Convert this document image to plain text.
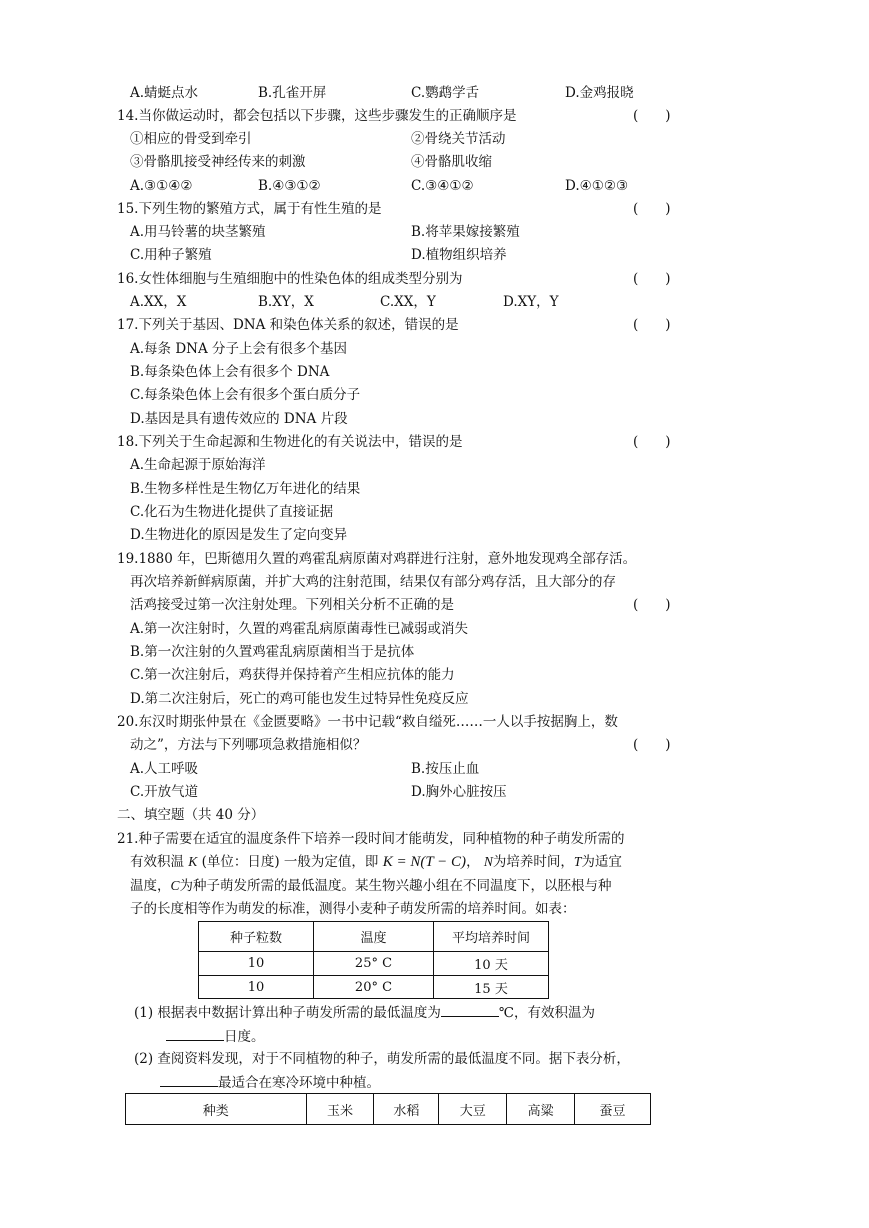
A.蜻蜓点水	B.孔雀开屏	C.鹦鹉学舌	D.金鸡报晓
14.当你做运动时，都会包括以下步骤，这些步骤发生的正确顺序是	(　　)
①相应的骨受到牵引	②骨绕关节活动
③骨骼肌接受神经传来的刺激	④骨骼肌收缩
A.③①④②	B.④③①②	C.③④①②	D.④①②③
15.下列生物的繁殖方式，属于有性生殖的是	(　　)
A.用马铃薯的块茎繁殖	B.将苹果嫁接繁殖
C.用种子繁殖	D.植物组织培养
16.女性体细胞与生殖细胞中的性染色体的组成类型分别为	(　　)
A.XX，X	B.XY，X	C.XX，Y	D.XY，Y
17.下列关于基因、DNA 和染色体关系的叙述，错误的是	(　　)
A.每条 DNA 分子上会有很多个基因
B.每条染色体上会有很多个 DNA
C.每条染色体上会有很多个蛋白质分子
D.基因是具有遗传效应的 DNA 片段
18.下列关于生命起源和生物进化的有关说法中，错误的是	(　　)
A.生命起源于原始海洋
B.生物多样性是生物亿万年进化的结果
C.化石为生物进化提供了直接证据
D.生物进化的原因是发生了定向变异
19.1880 年，巴斯德用久置的鸡霍乱病原菌对鸡群进行注射，意外地发现鸡全部存活。
再次培养新鲜病原菌，并扩大鸡的注射范围，结果仅有部分鸡存活，且大部分的存
活鸡接受过第一次注射处理。下列相关分析不正确的是	(　　)
A.第一次注射时，久置的鸡霍乱病原菌毒性已减弱或消失
B.第一次注射的久置鸡霍乱病原菌相当于是抗体
C.第一次注射后，鸡获得并保持着产生相应抗体的能力
D.第二次注射后，死亡的鸡可能也发生过特异性免疫反应
20.东汉时期张仲景在《金匮要略》一书中记载“救自缢死……一人以手按据胸上，数
动之”，方法与下列哪项急救措施相似？	(　　)
A.人工呼吸	B.按压止血
C.开放气道	D.胸外心脏按压
二、填空题（共 40 分）
21.种子需要在适宜的温度条件下培养一段时间才能萌发，同种植物的种子萌发所需的
有效积温 K (单位：日度) 一般为定值，即 K = N(T − C)， N为培养时间，T为适宜
温度，C为种子萌发所需的最低温度。某生物兴趣小组在不同温度下，以胚根与种
子的长度相等作为萌发的标准，测得小麦种子萌发所需的培养时间。如表：
种子粒数	温度	平均培养时间
10	25° C	10 天
10	20° C	15 天
(1) 根据表中数据计算出种子萌发所需的最低温度为	℃，有效积温为
日度。
(2) 查阅资料发现，对于不同植物的种子，萌发所需的最低温度不同。据下表分析，
最适合在寒冷环境中种植。
种类	玉米	水稻	大豆	高粱	蚕豆
